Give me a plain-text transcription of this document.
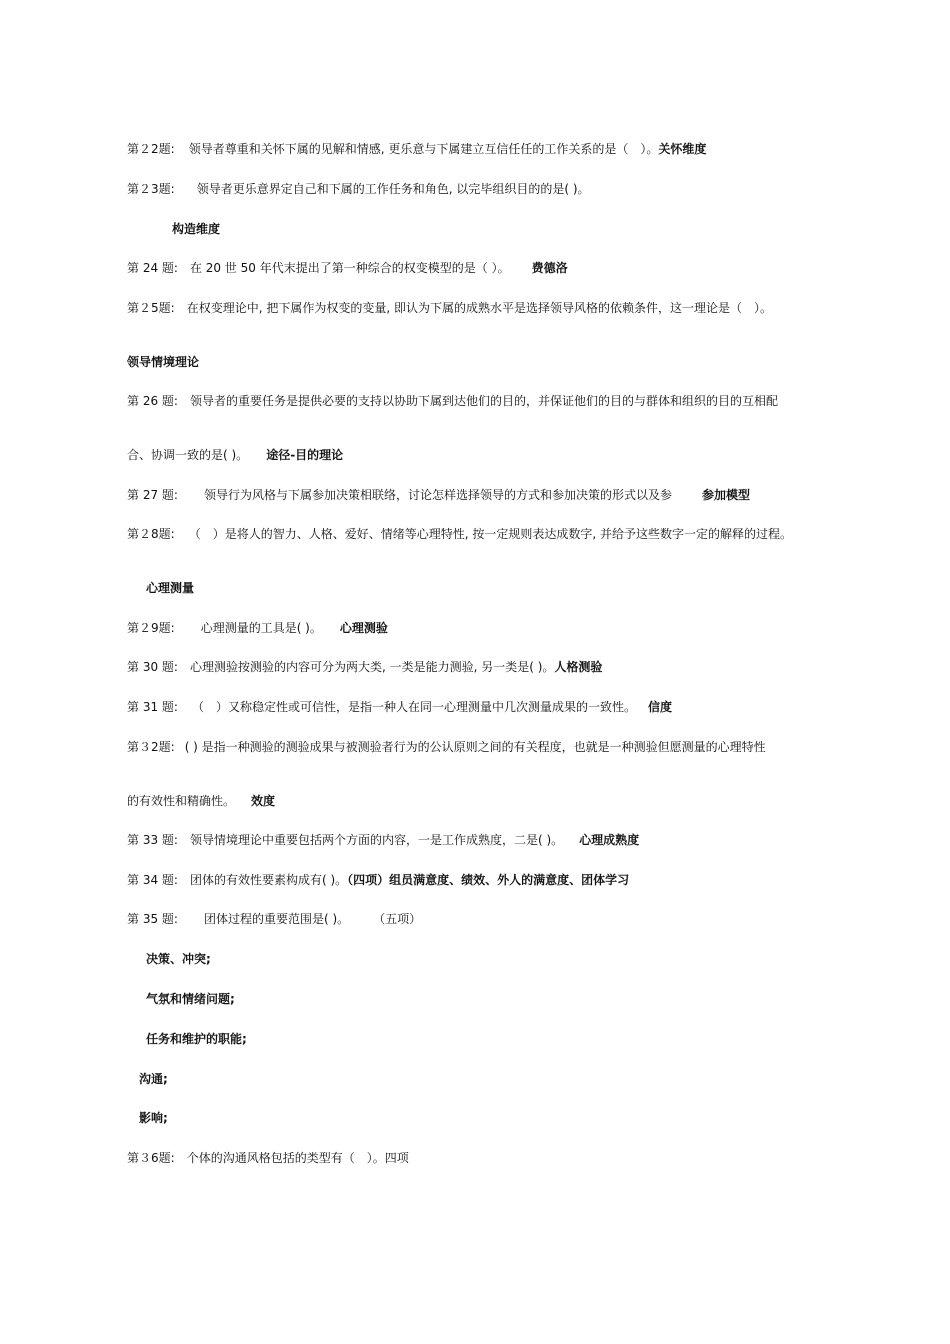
第２2题: 领导者尊重和关怀下属的见解和情感, 更乐意与下属建立互信任任的工作关系的是（　）。关怀维度
第２3题: 领导者更乐意界定自己和下属的工作任务和角色, 以完毕组织目的的是( )。
构造维度
第 24 题: 在 20 世 50 年代末提出了第一种综合的权变模型的是（ ）。 费德洛
第２5题: 在权变理论中, 把下属作为权变的变量, 即认为下属的成熟水平是选择领导风格的依赖条件，这一理论是（　）。
领导情境理论
第 26 题: 领导者的重要任务是提供必要的支持以协助下属到达他们的目的，并保证他们的目的与群体和组织的目的互相配
合、协调一致的是( )。 途径-目的理论
第 27 题: 领导行为风格与下属参加决策相联络，讨论怎样选择领导的方式和参加决策的形式以及参	参加模型
第２8题: （　）是将人的智力、人格、爱好、情绪等心理特性, 按一定规则表达成数字, 并给予这些数字一定的解释的过程。
心理测量
第２9题: 心理测量的工具是( )。 心理测验
第 30 题: 心理测验按测验的内容可分为两大类, 一类是能力测验, 另一类是( )。人格测验
第 31 题: （　）又称稳定性或可信性，是指一种人在同一心理测量中几次测量成果的一致性。 信度
第３2题: ( ) 是指一种测验的测验成果与被测验者行为的公认原则之间的有关程度，也就是一种测验但愿测量的心理特性
的有效性和精确性。 效度
第 33 题: 领导情境理论中重要包括两个方面的内容，一是工作成熟度，二是( )。 心理成熟度
第 34 题: 团体的有效性要素构成有( )。（四项）组员满意度、绩效、外人的满意度、团体学习
第 35 题: 团体过程的重要范围是( )。 （五项）
决策、冲突;
气氛和情绪问题;
任务和维护的职能;
沟通;
影响;
第３6题: 个体的沟通风格包括的类型有（　）。四项
